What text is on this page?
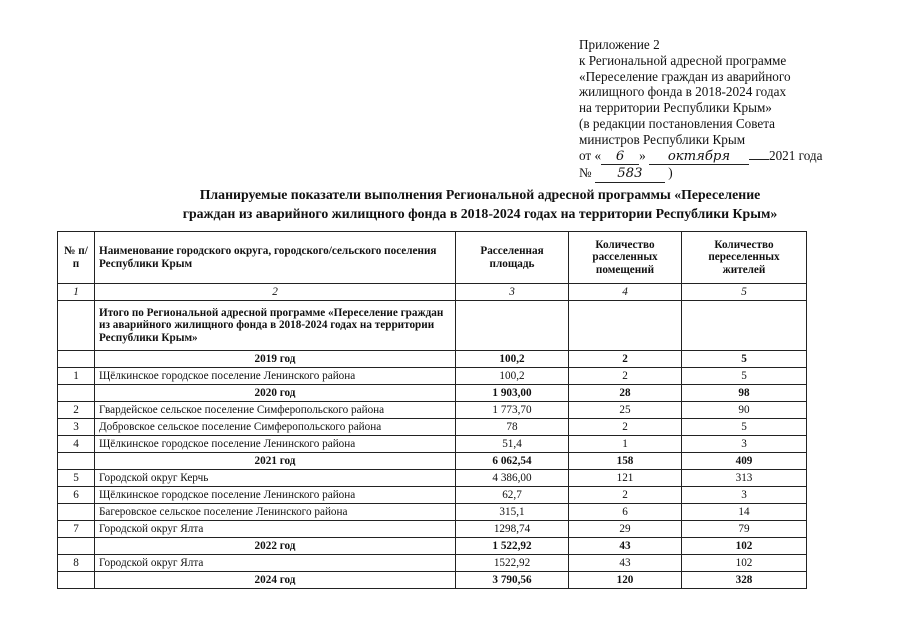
Приложение 2
к Региональной адресной программе
«Переселение граждан из аварийного
жилищного фонда в 2018-2024 годах
на территории Республики Крым»
(в редакции постановления Совета
министров Республики Крым
от « 6 » октября	2021 года
№ 583 )
Планируемые показатели выполнения Региональной адресной программы «Переселение
граждан из аварийного жилищного фонда в 2018-2024 годах на территории Республики Крым»
№ п/п	Наименование городского округа, городского/сельского поселения Республики Крым	Расселенная площадь	Количество расселенных помещений	Количество переселенных жителей
1	2	3	4	5
	Итого по Региональной адресной программе «Переселение граждан из аварийного жилищного фонда в 2018-2024 годах на территории Республики Крым»			
	2019 год	100,2	2	5
1	Щёлкинское городское поселение Ленинского района	100,2	2	5
	2020 год	1 903,00	28	98
2	Гвардейское сельское поселение Симферопольского района	1 773,70	25	90
3	Добровское сельское поселение Симферопольского района	78	2	5
4	Щёлкинское городское поселение Ленинского района	51,4	1	3
	2021 год	6 062,54	158	409
5	Городской округ Керчь	4 386,00	121	313
6	Щёлкинское городское поселение Ленинского района	62,7	2	3
	Багеровское сельское поселение Ленинского района	315,1	6	14
7	Городской округ Ялта	1298,74	29	79
	2022 год	1 522,92	43	102
8	Городской округ Ялта	1522,92	43	102
	2024 год	3 790,56	120	328
